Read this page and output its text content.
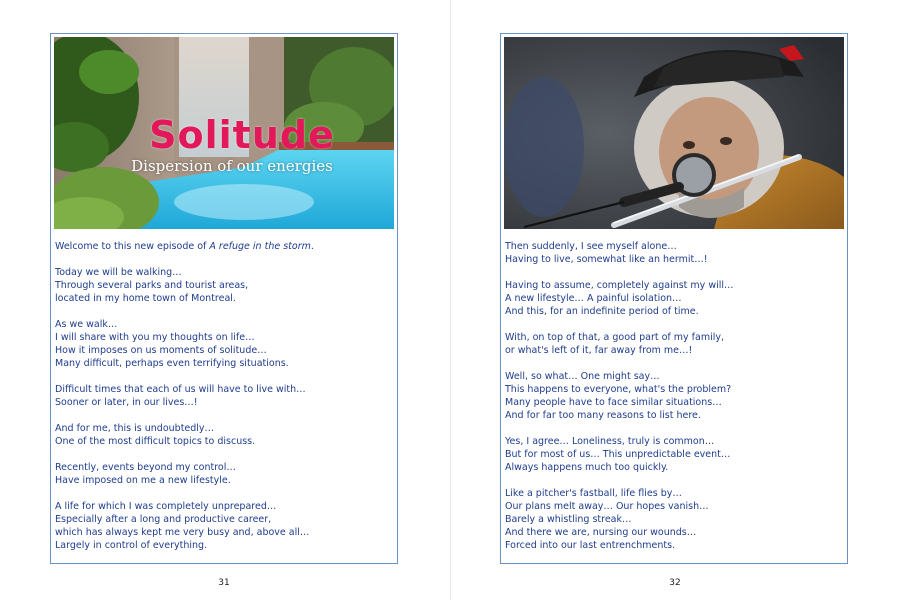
Solitude
Dispersion of our energies
Welcome to this new episode of A refuge in the storm.
Today we will be walking…
Through several parks and tourist areas,
located in my home town of Montreal.
As we walk…
I will share with you my thoughts on life…
How it imposes on us moments of solitude…
Many difficult, perhaps even terrifying situations.
Difficult times that each of us will have to live with…
Sooner or later, in our lives…!
And for me, this is undoubtedly…
One of the most difficult topics to discuss.
Recently, events beyond my control…
Have imposed on me a new lifestyle.
A life for which I was completely unprepared…
Especially after a long and productive career,
which has always kept me very busy and, above all…
Largely in control of everything.
Then suddenly, I see myself alone…
Having to live, somewhat like an hermit…!
Having to assume, completely against my will…
A new lifestyle… A painful isolation…
And this, for an indefinite period of time.
With, on top of that, a good part of my family,
or what's left of it, far away from me…!
Well, so what… One might say…
This happens to everyone, what's the problem?
Many people have to face similar situations…
And for far too many reasons to list here.
Yes, I agree… Loneliness, truly is common…
But for most of us… This unpredictable event…
Always happens much too quickly.
Like a pitcher's fastball, life flies by…
Our plans melt away… Our hopes vanish…
Barely a whistling streak…
And there we are, nursing our wounds…
Forced into our last entrenchments.
31	32
